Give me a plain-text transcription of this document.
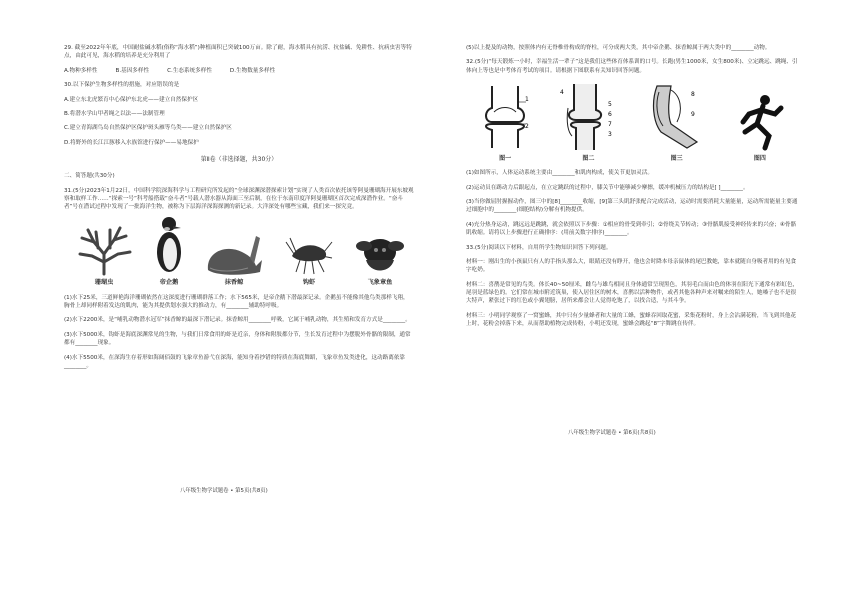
29. 截至2022年年底，中国耐盐碱水稻(俗称“海水稻”)种植面积已突破100万亩。除了耐，海水稻具有抗涝、抗盐碱、免耕性、抗病虫害等特点，由此可见，海水稻的培养是充分利用了

A.物种多样性	B.基因多样性	C.生态系统多样性	D.生物数量多样性

30.以下保护生物多样性的措施，对应错误的是

A.建立东北虎繁育中心保护东北虎——建立自然保护区

B.将潜水学山甲者绳之以法——法制管理

C.建立青海湖鸟岛自然保护区保护斑头雁等鸟类——建立自然保护区

D.将野外的长江江豚移入水族馆进行保护——易地保护

第Ⅱ卷（非选择题，共30分）
二、简答题(共30分)

31.(5分)2023年1月22日，中国科学院深海科学与工程研究所发起的“全球深渊深潜探索计划”实现了人类首次依托该等阿曼珊瑚海开展东坡观察和取样工作……“探索一号”科考船搭载“奋斗者”号载人潜水器从海面三至后制，在位于东南印度洋阿曼珊瑚区首次完成深潜作业。“奋斗者”号在潜试过程中发现了一批海洋生物，被称为下层海洋深海探测的新记录。大洋深处有哪些宝藏，我们来一探究竟。

珊瑚虫	帝企鹅	抹香鲸	钩虾	飞象章鱼

(1)水下25米，三道鲜艳海洋珊瑚依然在这深度进行珊瑚群落工作；水下565米，是帝企鹅下潜最深记录。企鹅虽不能像其他鸟类那样飞翔，胸骨上却同样附着发达的肌肉，能为其提供划水强大的推动力，有________辅助特呼吸。

(2)水下2200米，是“哺乳动物潜水冠军”抹香鲸的最深下潜记录。抹香鲸用________呼吸，它属于哺乳动物，其生殖和发育方式是________。

(3)水下5000米，钩虾是海底深渊常见的生物，与我们日常食用的虾是近亲，身体和附肢都分节，生长发育过程中为摆脱外骨骼的限制，通常都有________现象。

(4)水下5500米，在深海生存着形如海阔佰鼓的飞象章鱼游弋在深海，能知身着抄错的特质在海底舞蹈，飞象章鱼发类进化，这动路离依靠________。

八年级生物学试题卷 • 第5页(共8页)

(5)以上提及的动物，按照体内有无脊椎骨构成的脊柱，可分成两大类，其中帝企鹅、抹香鲸属于两大类中的________动物。

32.(5分)“每天锻炼一小时，幸福生活一辈子”这是我们这些体育体系训的口号。长跑(男生1000米，女生800米)、立定跳远、跳绳、引体向上等也是中考体育考试的项目。请根据下图联系有关知识回答问题。

1
2
图一
4
5
6
7
3
图二
8
9
图三	图四

(1)如图所示，人体运动系统主要由________和肌肉构成，使关节更加灵活。

(2)运动员在踢动力后跟起点，在立定跳跃的过程中，膝关节中能够减少摩擦，缓冲机械压力的结构是[ ]________。

(3)当你做屈肘握握动作，图三中的[8]________收缩，[9]第三头肌舒张配合完成活动，运动时需要消耗大量能量，运动所需能量主要通过细胞中的________(细胞结构)分解有机物提供。

(4)充分热身运动，跳远远是跳跳，就会依照以下步骤：①相应的骨受到牵引；②骨绕关节转动；③骨骼肌接受神经传来的兴奋；④骨骼肌收缩。请将以上步骤进行正确排序：(用前关数字排序)________。

33.(5分)阅读以下材料，自用所学生物知识回答下列问题。

材料一：刚出生的小孩鼠只有人的手指头那么大，眼睛还没有睁开，他也会时降本母亲鼠体的尾巴教她，靠本就随自身吸者用的有见食字吃奶。

材料二：喜鹊是常见的鸟类。体长40~50厘米，雌鸟与雄鸟相同且身体通常呈现黑色，其羽毛白而由色的体羽在阳光下通常有彩虹色，尾羽是蓝绿色的。它们常在城市附近筑巢，使入居住区的树木，喜鹊以活种物件，或者其他各种声来对嘱来的陌生人，她嗓子也不是很大特声，紧张过下的红色或小翼翅膀，居所来都会让人觉得吃饱了，以找合适，与其斗争。

材料三：小明同学观察了一窝蜜蜂，其中只有少量蜂者和大量的工蜂，蜜蜂吞回取花蜜，采集花粉时，身上会沾满花粉，当飞到其他花上时，花粉会掉落下来，从而帮助植物完成传粉，小明还发现，蜜蜂会跳起“8”字舞跳在传伴。

八年级生物学试题卷 • 第6页(共8页)
